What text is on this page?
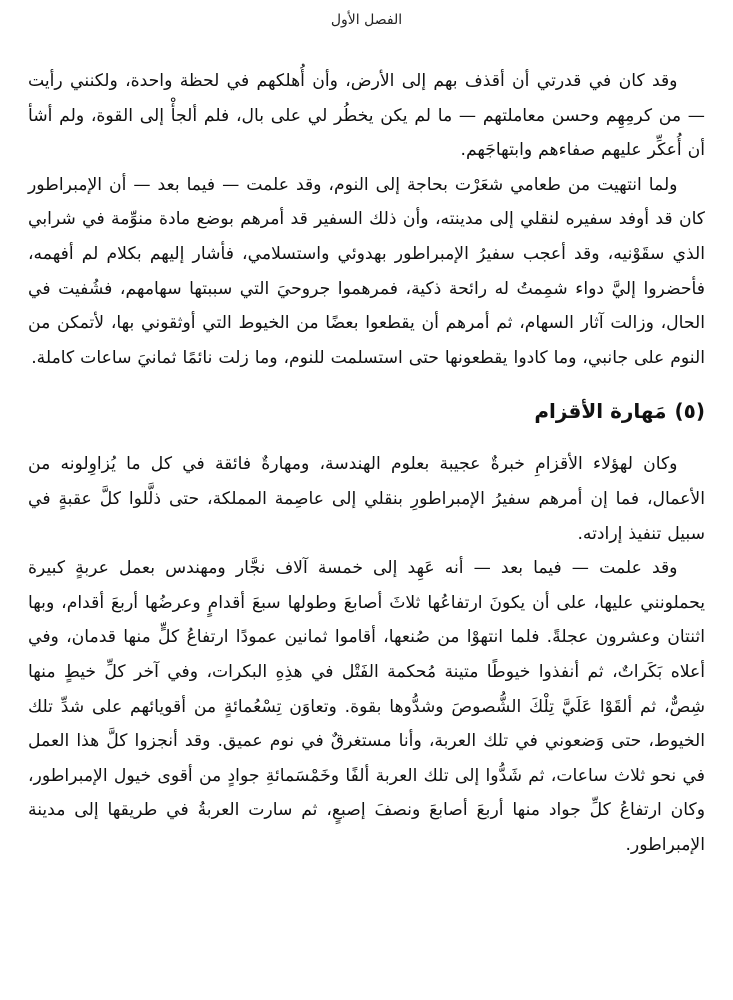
الفصل الأول

وقد كان في قدرتي أن أقذف بهم إلى الأرض، وأن أُهلكهم في لحظة واحدة، ولكنني رأيت — من كرمِهِم وحسن معاملتهم — ما لم يكن يخطُر لي على بال، فلم ألجأْ إلى القوة، ولم أشأ أن أُعكِّر عليهم صفاءهم وابتهاجَهم.

ولما انتهيت من طعامي شعَرْت بحاجة إلى النوم، وقد علمت — فيما بعد — أن الإمبراطور كان قد أوفد سفيره لنقلي إلى مدينته، وأن ذلك السفير قد أمرهم بوضع مادة منوِّمة في شرابي الذي سقَوْنيه، وقد أعجب سفيرُ الإمبراطور بهدوئي واستسلامي، فأشار إليهم بكلام لم أفهمه، فأحضروا إليَّ دواء شمِمتُ له رائحة ذكية، فمرهموا جروحيَ التي سببتها سهامهم، فشُفيت في الحال، وزالت آثار السهام، ثم أمرهم أن يقطعوا بعضًا من الخيوط التي أوثقوني بها، لأتمكن من النوم على جانبي، وما كادوا يقطعونها حتى استسلمت للنوم، وما زلت نائمًا ثمانيَ ساعات كاملة.

(٥)مَهارة الأقزام

وكان لهؤلاء الأقزامِ خبرةٌ عجيبة بعلوم الهندسة، ومهارةٌ فائقة في كل ما يُزاوِلونه من الأعمال، فما إن أمرهم سفيرُ الإمبراطورِ بنقلي إلى عاصِمة المملكة، حتى ذلَّلوا كلَّ عقبةٍ في سبيل تنفيذ إرادته.

وقد علمت — فيما بعد — أنه عَهِد إلى خمسة آلاف نجَّار ومهندس بعمل عربةٍ كبيرة يحملونني عليها، على أن يكونَ ارتفاعُها ثلاثَ أصابعَ وطولها سبعَ أقدامٍ وعرضُها أربعَ أقدام، وبها اثنتان وعشرون عجلةً. فلما انتهوْا من صُنعها، أقاموا ثمانين عمودًا ارتفاعُ كلٍّ منها قدمان، وفي أعلاه بَكَراتٌ، ثم أنفذوا خيوطًا متينة مُحكمة الفَتْل في هذِهِ البكرات، وفي آخر كلِّ خيطٍ منها شِصٌّ، ثم ألقَوْا عَلَيَّ تِلْكَ الشُّصوصَ وشدُّوها بقوة. وتعاوَن تِسْعُمائةٍ من أقويائهم على شدِّ تلك الخيوط، حتى وَضعوني في تلك العربة، وأنا مستغرقٌ في نوم عميق. وقد أنجزوا كلَّ هذا العمل في نحو ثلاث ساعات، ثم شَدُّوا إلى تلك العربة ألفًا وخَمْسَمائةِ جوادٍ من أقوى خيول الإمبراطور، وكان ارتفاعُ كلِّ جواد منها أربعَ أصابعَ ونصفَ إصبعٍ، ثم سارت العربةُ في طريقها إلى مدينة الإمبراطور.
